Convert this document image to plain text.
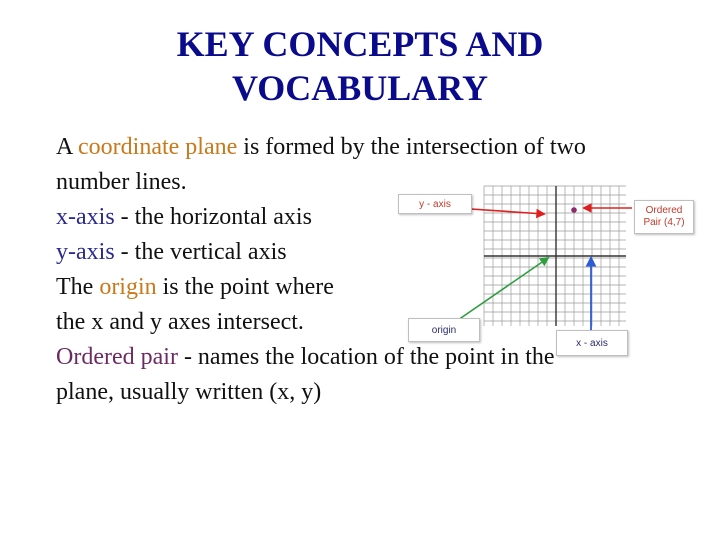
KEY CONCEPTS AND
VOCABULARY
A coordinate plane is formed by the intersection of two
number lines.
x-axis - the horizontal axis
y-axis - the vertical axis
The origin is the point where
the x and y axes intersect.
Ordered pair - names the location of the point in the
plane, usually written (x, y)
y - axis
Ordered
Pair (4,7)
origin
x - axis
